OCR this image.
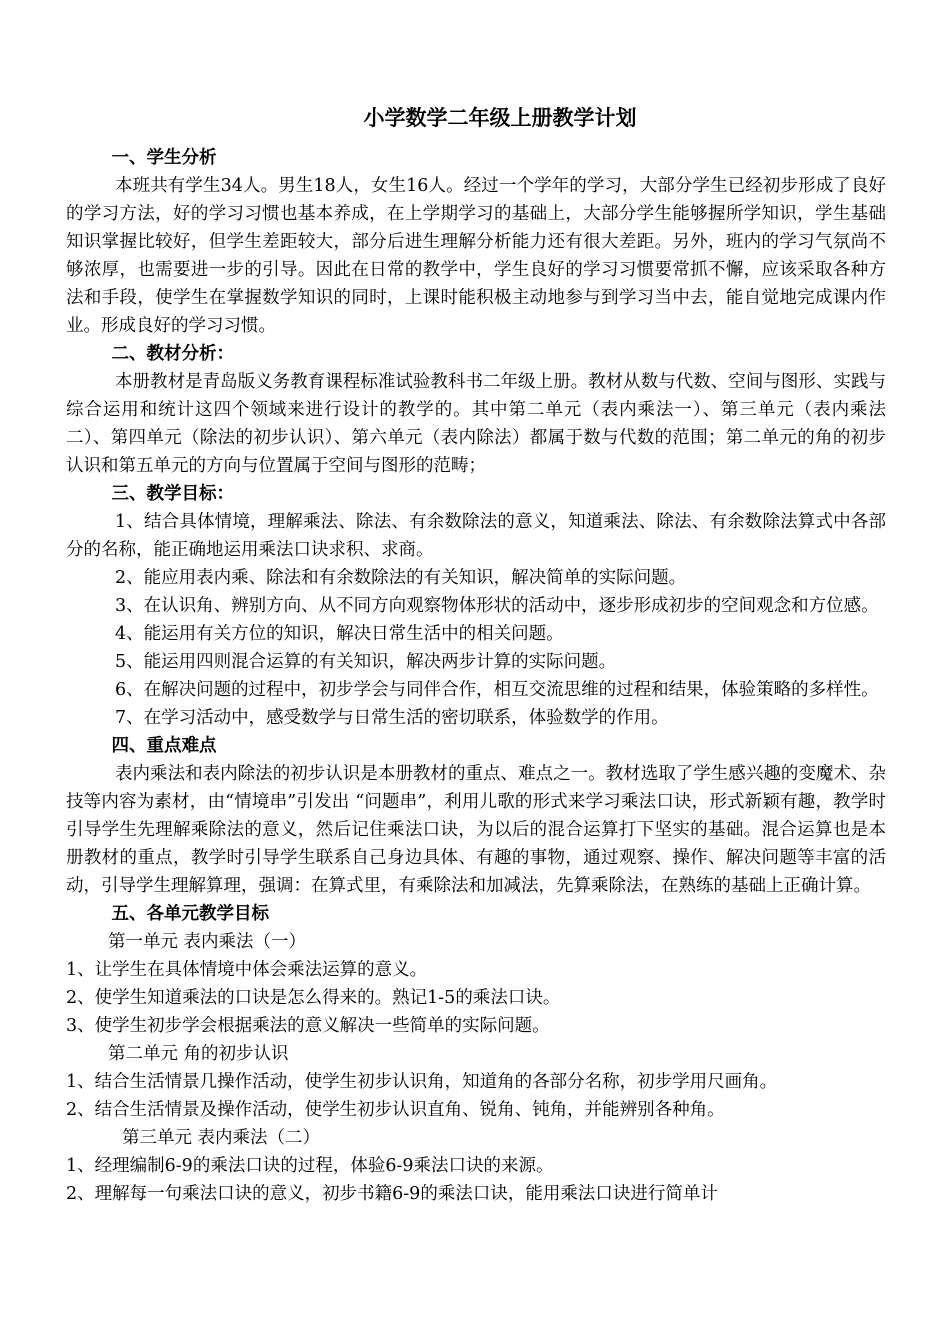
小学数学二年级上册教学计划

一、学生分析

本班共有学生34人。男生18人，女生16人。经过一个学年的学习，大部分学生已经初步形成了良好的学习方法，好的学习习惯也基本养成，在上学期学习的基础上，大部分学生能够握所学知识，学生基础知识掌握比较好，但学生差距较大，部分后进生理解分析能力还有很大差距。另外，班内的学习气氛尚不够浓厚，也需要进一步的引导。因此在日常的教学中，学生良好的学习习惯要常抓不懈，应该采取各种方法和手段，使学生在掌握数学知识的同时，上课时能积极主动地参与到学习当中去，能自觉地完成课内作业。形成良好的学习习惯。

二、教材分析：

本册教材是青岛版义务教育课程标准试验教科书二年级上册。教材从数与代数、空间与图形、实践与综合运用和统计这四个领域来进行设计的教学的。其中第二单元（表内乘法一）、第三单元（表内乘法二）、第四单元（除法的初步认识）、第六单元（表内除法）都属于数与代数的范围；第二单元的角的初步认识和第五单元的方向与位置属于空间与图形的范畴；

三、教学目标：

1、结合具体情境，理解乘法、除法、有余数除法的意义，知道乘法、除法、有余数除法算式中各部分的名称，能正确地运用乘法口诀求积、求商。

2、能应用表内乘、除法和有余数除法的有关知识，解决简单的实际问题。

3、在认识角、辨别方向、从不同方向观察物体形状的活动中，逐步形成初步的空间观念和方位感。

4、能运用有关方位的知识，解决日常生活中的相关问题。

5、能运用四则混合运算的有关知识，解决两步计算的实际问题。

6、在解决问题的过程中，初步学会与同伴合作，相互交流思维的过程和结果，体验策略的多样性。

7、在学习活动中，感受数学与日常生活的密切联系，体验数学的作用。

四、重点难点

表内乘法和表内除法的初步认识是本册教材的重点、难点之一。教材选取了学生感兴趣的变魔术、杂技等内容为素材，由“情境串”引发出 “问题串”，利用儿歌的形式来学习乘法口诀，形式新颖有趣，教学时引导学生先理解乘除法的意义，然后记住乘法口诀，为以后的混合运算打下坚实的基础。混合运算也是本册教材的重点，教学时引导学生联系自己身边具体、有趣的事物，通过观察、操作、解决问题等丰富的活动，引导学生理解算理，强调：在算式里，有乘除法和加减法，先算乘除法，在熟练的基础上正确计算。

五、各单元教学目标

第一单元 表内乘法（一）

1、让学生在具体情境中体会乘法运算的意义。

2、使学生知道乘法的口诀是怎么得来的。熟记1-5的乘法口诀。

3、使学生初步学会根据乘法的意义解决一些简单的实际问题。

第二单元 角的初步认识

1、结合生活情景几操作活动，使学生初步认识角，知道角的各部分名称，初步学用尺画角。

2、结合生活情景及操作活动，使学生初步认识直角、锐角、钝角，并能辨别各种角。

第三单元 表内乘法（二）

1、经理编制6-9的乘法口诀的过程，体验6-9乘法口诀的来源。

2、理解每一句乘法口诀的意义，初步书籍6-9的乘法口诀，能用乘法口诀进行简单计
